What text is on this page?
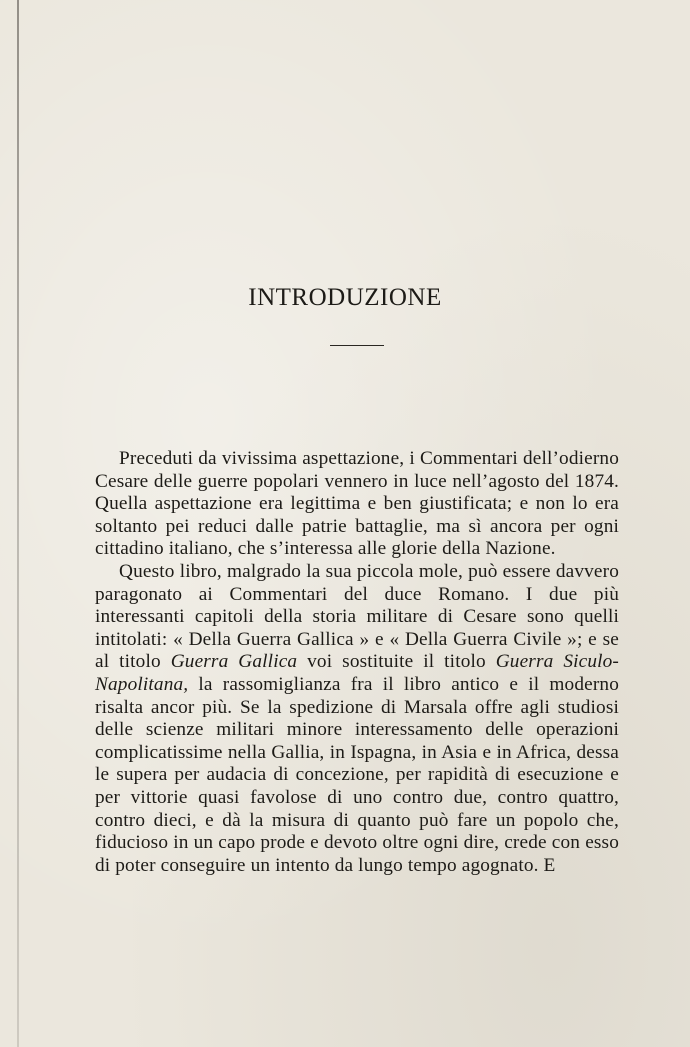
INTRODUZIONE

Preceduti da vivissima aspettazione, i Commentari dell’odierno Cesare delle guerre popolari vennero in luce nell’agosto del 1874. Quella aspettazione era legittima e ben giustificata; e non lo era soltanto pei reduci dalle patrie battaglie, ma sì ancora per ogni cittadino italiano, che s’interessa alle glorie della Nazione.

Questo libro, malgrado la sua piccola mole, può essere davvero paragonato ai Commentari del duce Romano. I due più interessanti capitoli della storia militare di Cesare sono quelli intitolati: « Della Guerra Gallica » e « Della Guerra Civile »; e se al titolo Guerra Gallica voi sostituite il titolo Guerra Siculo-Napolitana, la rassomiglianza fra il libro antico e il moderno risalta ancor più. Se la spedizione di Marsala offre agli studiosi delle scienze militari minore interessamento delle operazioni complicatissime nella Gallia, in Ispagna, in Asia e in Africa, dessa le supera per audacia di concezione, per rapidità di esecuzione e per vittorie quasi favolose di uno contro due, contro quattro, contro dieci, e dà la misura di quanto può fare un popolo che, fiducioso in un capo prode e devoto oltre ogni dire, crede con esso di poter conseguire un intento da lungo tempo agognato. E
